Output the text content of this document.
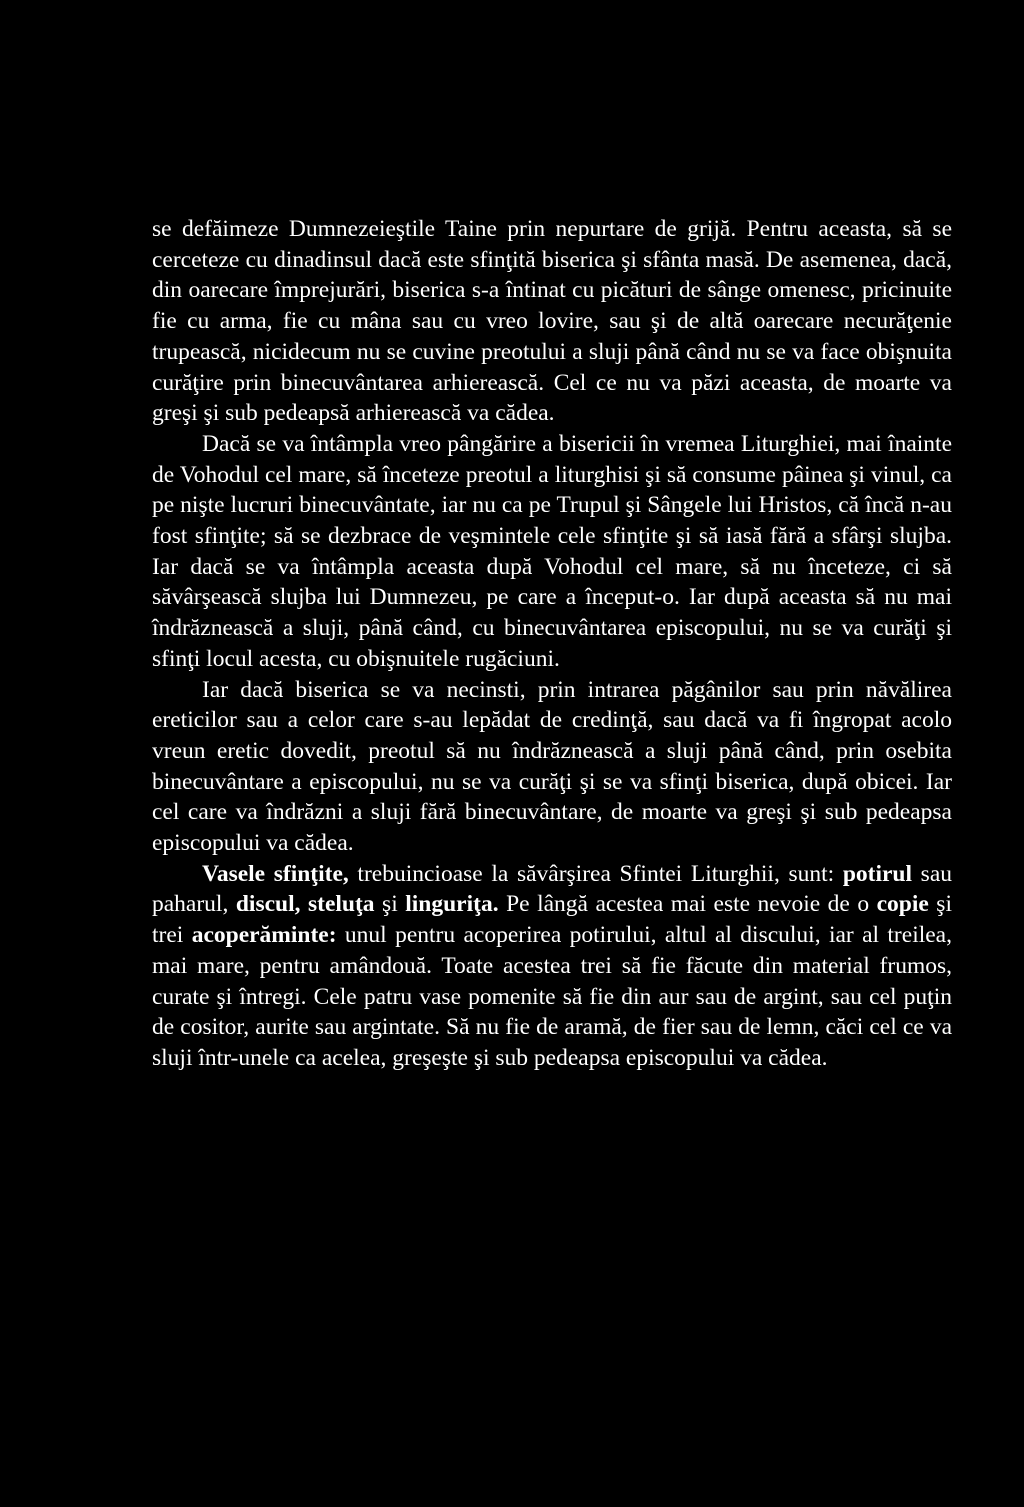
se defăimeze Dumnezeieştile Taine prin nepurtare de grijă. Pentru aceasta, să se cerceteze cu dinadinsul dacă este sfinţită biserica şi sfânta masă. De asemenea, dacă, din oarecare împrejurări, biserica s-a întinat cu picături de sânge omenesc, pricinuite fie cu arma, fie cu mâna sau cu vreo lovire, sau şi de altă oarecare necurăţenie trupească, nicidecum nu se cuvine preotului a sluji până când nu se va face obişnuita curăţire prin binecuvântarea arhierească. Cel ce nu va păzi aceasta, de moarte va greşi şi sub pedeapsă arhierească va cădea.

Dacă se va întâmpla vreo pângărire a bisericii în vremea Liturghiei, mai înainte de Vohodul cel mare, să înceteze preotul a liturghisi şi să consume pâinea şi vinul, ca pe nişte lucruri binecuvântate, iar nu ca pe Trupul şi Sângele lui Hristos, că încă n-au fost sfinţite; să se dezbrace de veşmintele cele sfinţite şi să iasă fără a sfârşi slujba. Iar dacă se va întâmpla aceasta după Vohodul cel mare, să nu înceteze, ci să săvârşească slujba lui Dumnezeu, pe care a început-o. Iar după aceasta să nu mai îndrăznească a sluji, până când, cu binecuvântarea episcopului, nu se va curăţi şi sfinţi locul acesta, cu obişnuitele rugăciuni.

Iar dacă biserica se va necinsti, prin intrarea păgânilor sau prin năvălirea ereticilor sau a celor care s-au lepădat de credinţă, sau dacă va fi îngropat acolo vreun eretic dovedit, preotul să nu îndrăznească a sluji până când, prin osebita binecuvântare a episcopului, nu se va curăţi şi se va sfinţi biserica, după obicei. Iar cel care va îndrăzni a sluji fără binecuvântare, de moarte va greşi şi sub pedeapsa episcopului va cădea.

Vasele sfinţite, trebuincioase la săvârşirea Sfintei Liturghii, sunt: potirul sau paharul, discul, steluţa şi linguriţa. Pe lângă acestea mai este nevoie de o copie şi trei acoperăminte: unul pentru acoperirea potirului, altul al discului, iar al treilea, mai mare, pentru amândouă. Toate acestea trei să fie făcute din material frumos, curate şi întregi. Cele patru vase pomenite să fie din aur sau de argint, sau cel puţin de cositor, aurite sau argintate. Să nu fie de aramă, de fier sau de lemn, căci cel ce va sluji într-unele ca acelea, greşeşte şi sub pedeapsa episcopului va cădea.
